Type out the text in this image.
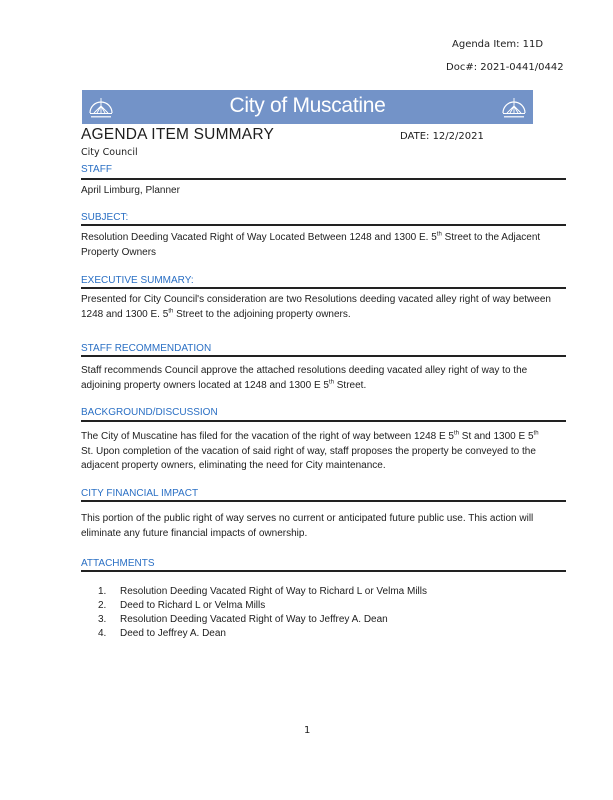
Agenda Item: 11D
Doc#: 2021-0441/0442
City of Muscatine
AGENDA ITEM SUMMARY	DATE: 12/2/2021
City Council
STAFF
April Limburg, Planner
SUBJECT:
Resolution Deeding Vacated Right of Way Located Between 1248 and 1300 E. 5th Street to the Adjacent Property Owners
EXECUTIVE SUMMARY:
Presented for City Council's consideration are two Resolutions deeding vacated alley right of way between 1248 and 1300 E. 5th Street to the adjoining property owners.
STAFF RECOMMENDATION
Staff recommends Council approve the attached resolutions deeding vacated alley right of way to the adjoining property owners located at 1248 and 1300 E 5th Street.
BACKGROUND/DISCUSSION
The City of Muscatine has filed for the vacation of the right of way between 1248 E 5th St and 1300 E 5th St. Upon completion of the vacation of said right of way, staff proposes the property be conveyed to the adjacent property owners, eliminating the need for City maintenance.
CITY FINANCIAL IMPACT
This portion of the public right of way serves no current or anticipated future public use. This action will eliminate any future financial impacts of ownership.
ATTACHMENTS
1. Resolution Deeding Vacated Right of Way to Richard L or Velma Mills
2. Deed to Richard L or Velma Mills
3. Resolution Deeding Vacated Right of Way to Jeffrey A. Dean
4. Deed to Jeffrey A. Dean
1
